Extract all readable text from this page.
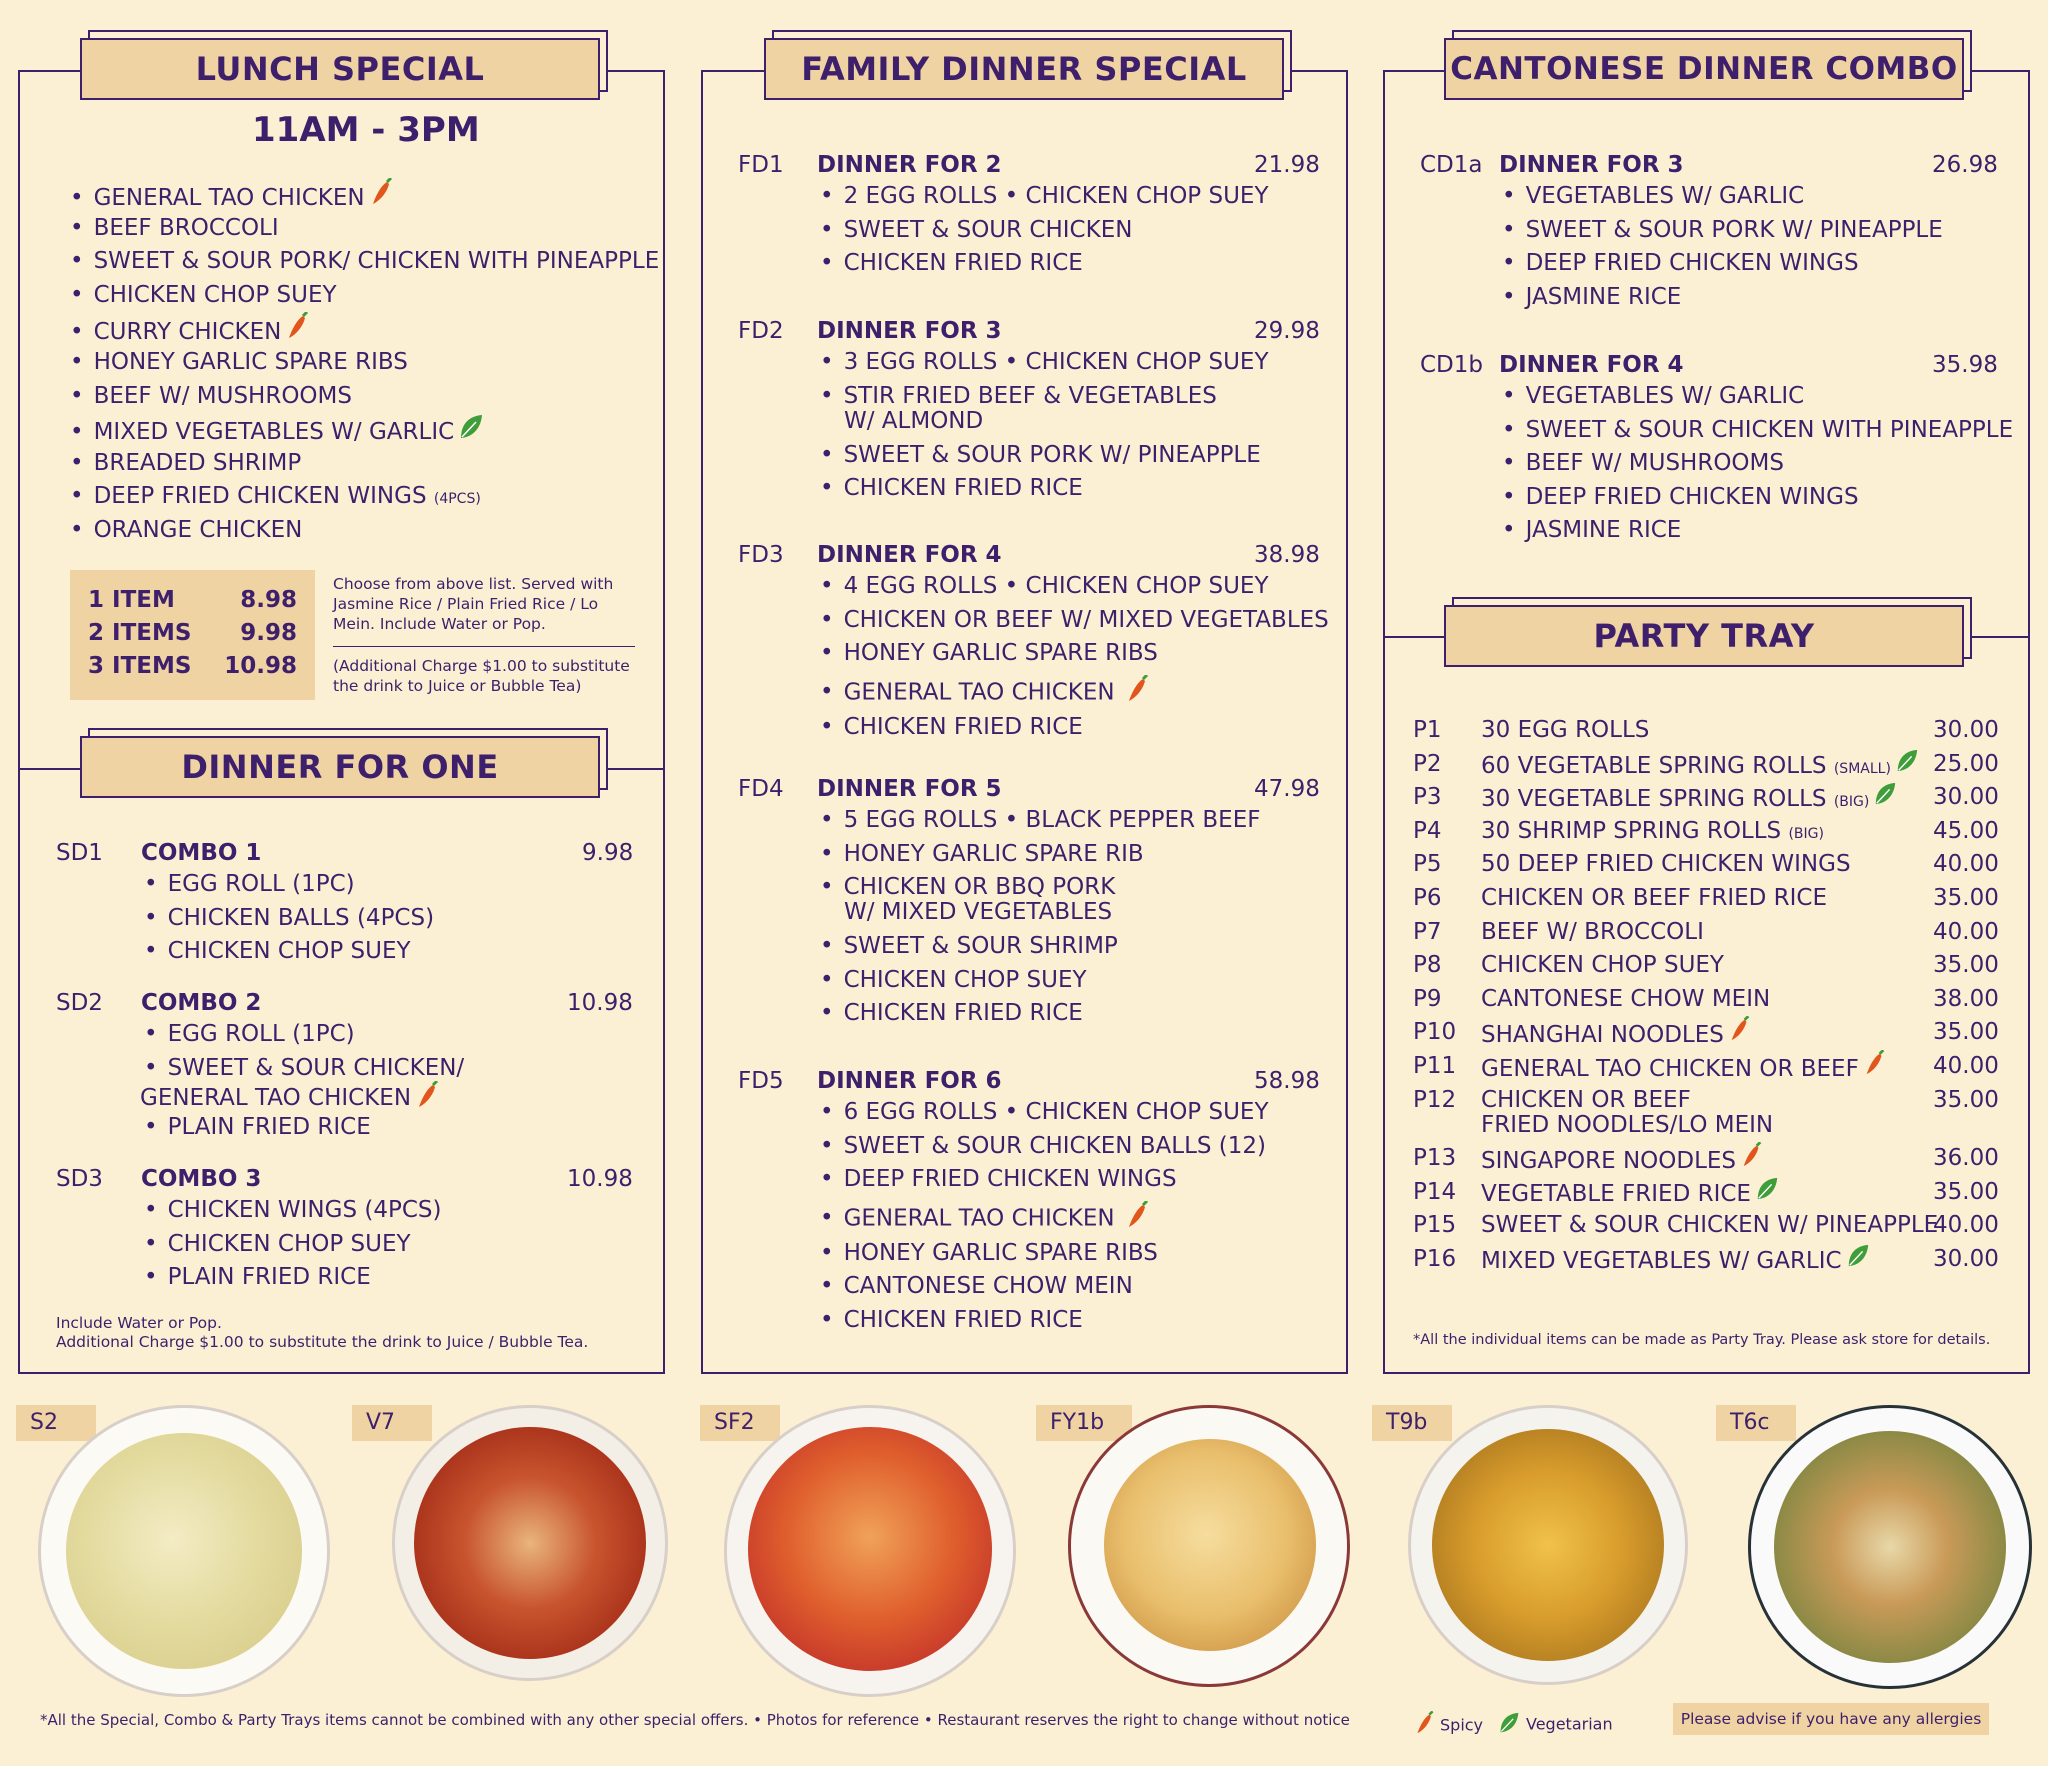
LUNCH SPECIAL
11AM - 3PM
• GENERAL TAO CHICKEN
• BEEF BROCCOLI
• SWEET & SOUR PORK/ CHICKEN WITH PINEAPPLE
• CHICKEN CHOP SUEY
• CURRY CHICKEN
• HONEY GARLIC SPARE RIBS
• BEEF W/ MUSHROOMS
• MIXED VEGETABLES W/ GARLIC
• BREADED SHRIMP
• DEEP FRIED CHICKEN WINGS (4PCS)
• ORANGE CHICKEN
1 ITEM	8.98
2 ITEMS 9.98
3 ITEMS 10.98
Choose from above list. Served with Jasmine Rice / Plain Fried Rice / Lo Mein. Include Water or Pop.
(Additional Charge $1.00 to substitute the drink to Juice or Bubble Tea)
DINNER FOR ONE
SD1 COMBO 1	9.98
• EGG ROLL (1PC)
• CHICKEN BALLS (4PCS)
• CHICKEN CHOP SUEY
SD2 COMBO 2	10.98
• EGG ROLL (1PC)
• SWEET & SOUR CHICKEN/
GENERAL TAO CHICKEN
• PLAIN FRIED RICE
SD3 COMBO 3	10.98
• CHICKEN WINGS (4PCS)
• CHICKEN CHOP SUEY
• PLAIN FRIED RICE
Include Water or Pop.
Additional Charge $1.00 to substitute the drink to Juice / Bubble Tea.
FAMILY DINNER SPECIAL
FD1 DINNER FOR 2	21.98
• 2 EGG ROLLS • CHICKEN CHOP SUEY
• SWEET & SOUR CHICKEN
• CHICKEN FRIED RICE
FD2 DINNER FOR 3	29.98
• 3 EGG ROLLS • CHICKEN CHOP SUEY
• STIR FRIED BEEF & VEGETABLES
W/ ALMOND
• SWEET & SOUR PORK W/ PINEAPPLE
• CHICKEN FRIED RICE
FD3 DINNER FOR 4	38.98
• 4 EGG ROLLS • CHICKEN CHOP SUEY
• CHICKEN OR BEEF W/ MIXED VEGETABLES
• HONEY GARLIC SPARE RIBS
• GENERAL TAO CHICKEN
• CHICKEN FRIED RICE
FD4 DINNER FOR 5	47.98
• 5 EGG ROLLS • BLACK PEPPER BEEF
• HONEY GARLIC SPARE RIB
• CHICKEN OR BBQ PORK
W/ MIXED VEGETABLES
• SWEET & SOUR SHRIMP
• CHICKEN CHOP SUEY
• CHICKEN FRIED RICE
FD5 DINNER FOR 6	58.98
• 6 EGG ROLLS • CHICKEN CHOP SUEY
• SWEET & SOUR CHICKEN BALLS (12)
• DEEP FRIED CHICKEN WINGS
• GENERAL TAO CHICKEN
• HONEY GARLIC SPARE RIBS
• CANTONESE CHOW MEIN
• CHICKEN FRIED RICE
CANTONESE DINNER COMBO
CD1a DINNER FOR 3	26.98
• VEGETABLES W/ GARLIC
• SWEET & SOUR PORK W/ PINEAPPLE
• DEEP FRIED CHICKEN WINGS
• JASMINE RICE
CD1b DINNER FOR 4	35.98
• VEGETABLES W/ GARLIC
• SWEET & SOUR CHICKEN WITH PINEAPPLE
• BEEF W/ MUSHROOMS
• DEEP FRIED CHICKEN WINGS
• JASMINE RICE
PARTY TRAY
P1 30 EGG ROLLS	30.00
P2 60 VEGETABLE SPRING ROLLS (SMALL)	25.00
P3 30 VEGETABLE SPRING ROLLS (BIG)	30.00
P4 30 SHRIMP SPRING ROLLS (BIG)	45.00
P5 50 DEEP FRIED CHICKEN WINGS	40.00
P6 CHICKEN OR BEEF FRIED RICE	35.00
P7 BEEF W/ BROCCOLI	40.00
P8 CHICKEN CHOP SUEY	35.00
P9 CANTONESE CHOW MEIN	38.00
P10 SHANGHAI NOODLES	35.00
P11 GENERAL TAO CHICKEN OR BEEF	40.00
P12 CHICKEN OR BEEF
FRIED NOODLES/LO MEIN
35.00
P13 SINGAPORE NOODLES	36.00
P14 VEGETABLE FRIED RICE	35.00
P15 SWEET & SOUR CHICKEN W/ PINEAPPLE
40.00
P16 MIXED VEGETABLES W/ GARLIC	30.00
*All the individual items can be made as Party Tray. Please ask store for details.
S2	V7	SF2	FY1b	T9b	T6c
*All the Special, Combo & Party Trays items cannot be combined with any other special offers. • Photos for reference • Restaurant reserves the right to change without notice	Spicy	Vegetarian	Please advise if you have any allergies
